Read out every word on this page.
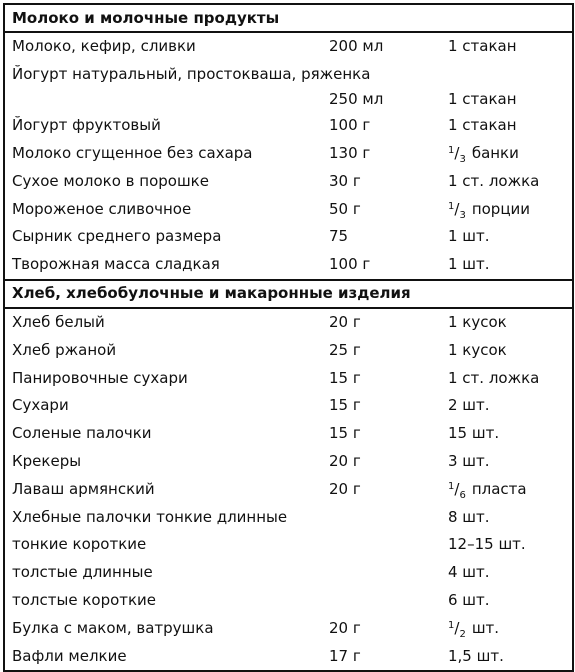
Молоко и молочные продукты		
Молоко, кефир, сливки	200 мл	1 стакан
Йогурт натуральный, простокваша, ряженка	250 мл	1 стакан
Йогурт фруктовый	100 г	1 стакан
Молоко сгущенное без сахара	130 г	$^1/_3$ банки
Сухое молоко в порошке	30 г	1 ст. ложка
Мороженое сливочное	50 г	$^1/_3$ порции
Сырник среднего размера	75	1 шт.
Творожная масса сладкая	100 г	1 шт.
Хлеб, хлебобулочные и макаронные изделия		
Хлеб белый	20 г	1 кусок
Хлеб ржаной	25 г	1 кусок
Панировочные сухари	15 г	1 ст. ложка
Сухари	15 г	2 шт.
Соленые палочки	15 г	15 шт.
Крекеры	20 г	3 шт.
Лаваш армянский	20 г	$^1/_6$ пласта
Хлебные палочки тонкие длинные		8 шт.
тонкие короткие		12–15 шт.
толстые длинные		4 шт.
толстые короткие		6 шт.
Булка с маком, ватрушка	20 г	$^1/_2$ шт.
Вафли мелкие	17 г	1,5 шт.
